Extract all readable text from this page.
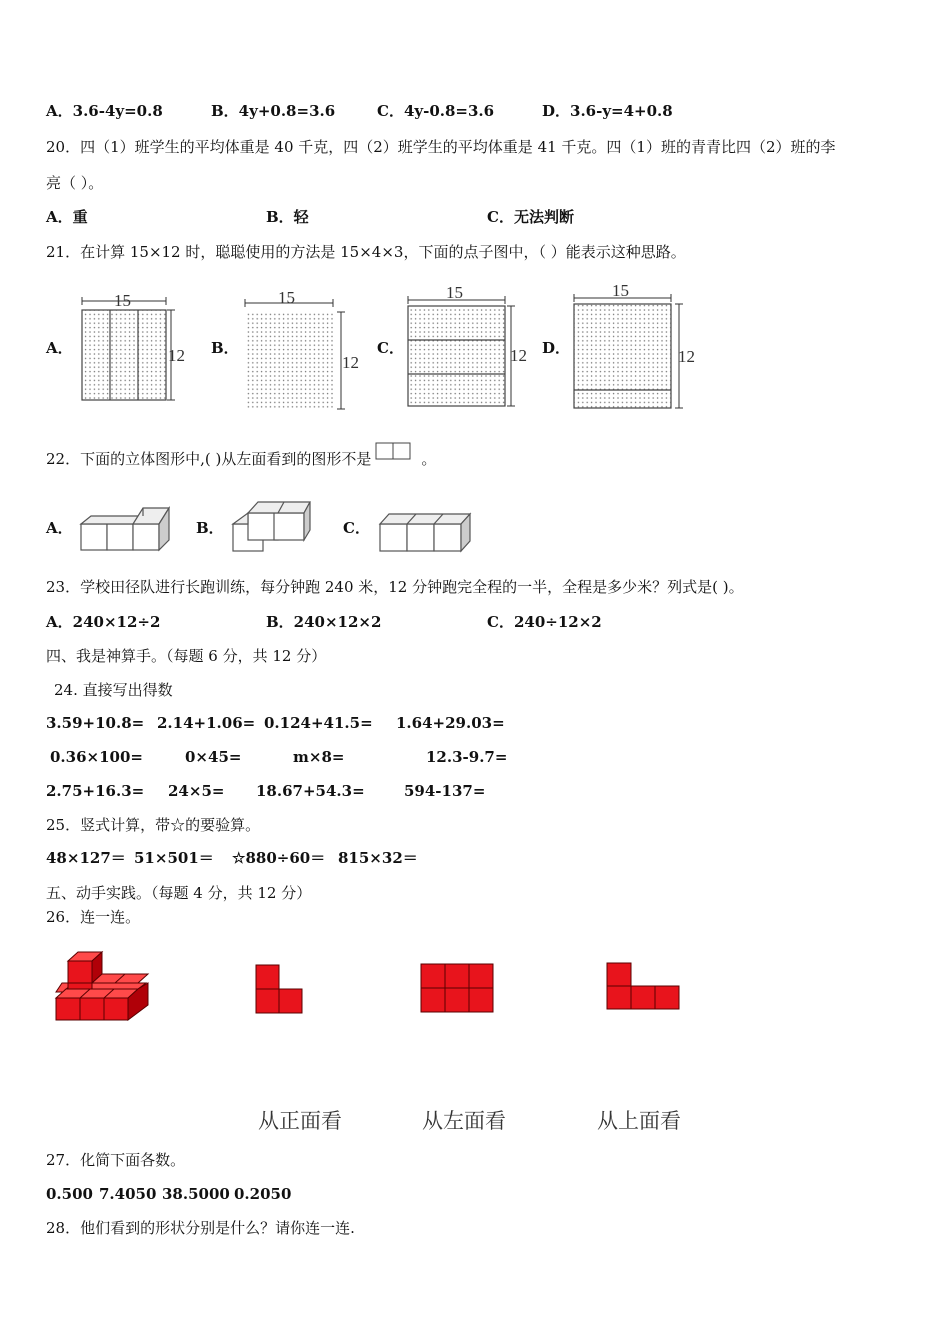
A．3.6-4y=0.8	B．4y+0.8=3.6	C．4y-0.8=3.6	D．3.6-y=4+0.8
20．四（1）班学生的平均体重是 40 千克，四（2）班学生的平均体重是 41 千克。四（1）班的青青比四（2）班的李
亮（ ）。
A．重	B．轻	C．无法判断
21．在计算 15×12 时，聪聪使用的方法是 15×4×3，下面的点子图中，（ ）能表示这种思路。
A．	B．	C．	D．
15
12
15
12
15
12
15
12
22．下面的立体图形中,( )从左面看到的图形不是	。
A．	B．	C．
23．学校田径队进行长跑训练，每分钟跑 240 米，12 分钟跑完全程的一半，全程是多少米？列式是( )。
A．240×12÷2	B．240×12×2	C．240÷12×2
四、我是神算手。（每题 6 分，共 12 分）
24. 直接写出得数
3.59+10.8= 2.14+1.06= 0.124+41.5= 1.64+29.03=
0.36×100=	0×45=	m×8=	12.3-9.7=
2.75+16.3= 24×5= 18.67+54.3=	594-137=
25．竖式计算，带☆的要验算。
48×127＝ 51×501＝ ☆880÷60＝ 815×32＝
五、动手实践。（每题 4 分，共 12 分）
26．连一连。
从正面看	从左面看	从上面看
27．化简下面各数。
0.500 7.4050 38.5000 0.2050
28．他们看到的形状分别是什么？请你连一连.
